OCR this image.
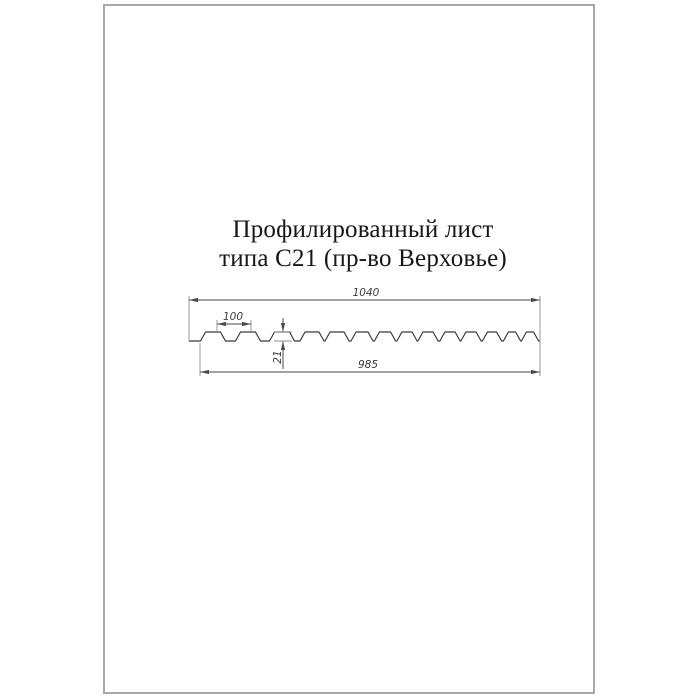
Профилированный лист
типа С21 (пр-во Верховье)
1040
100
985
21
